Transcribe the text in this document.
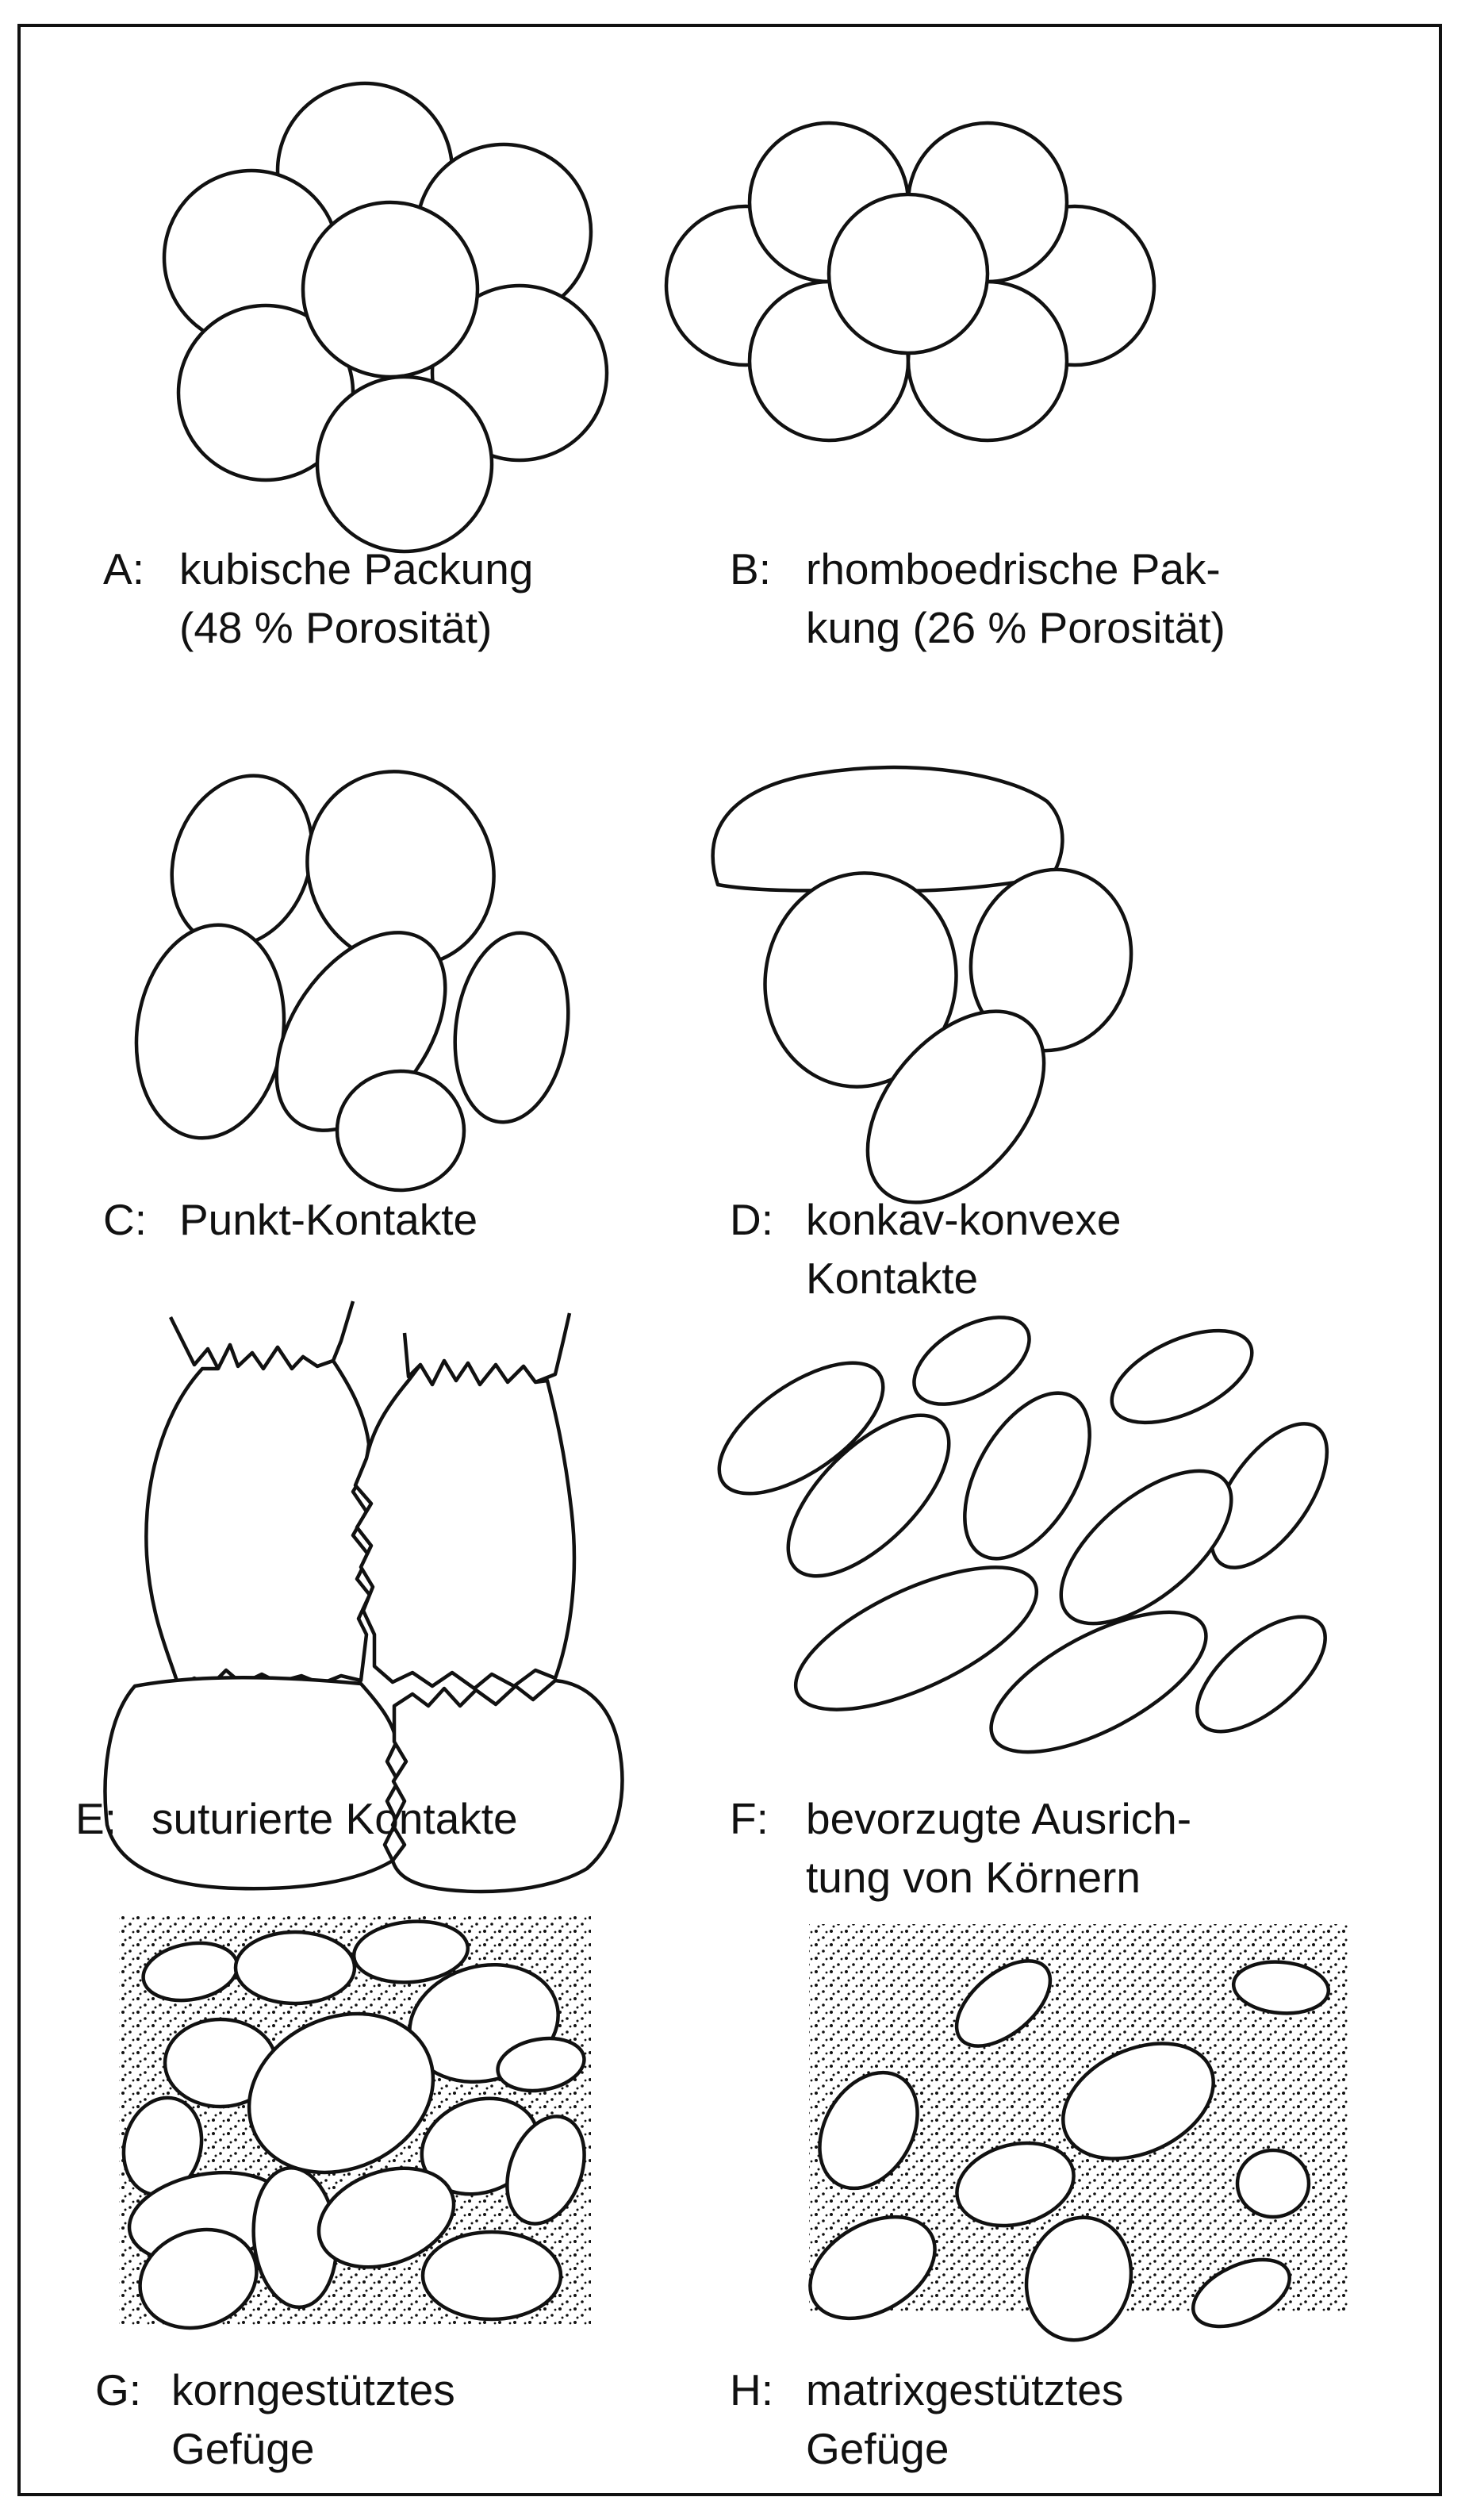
A: kubische Packung
(48 % Porosität)
B: rhomboedrische Pak-
kung (26 % Porosität)
C: Punkt-Kontakte	D: konkav-konvexe
Kontakte
E: suturierte Kontakte	F: bevorzugte Ausrich-
tung von Körnern
G: korngestütztes
Gefüge
H: matrixgestütztes
Gefüge
